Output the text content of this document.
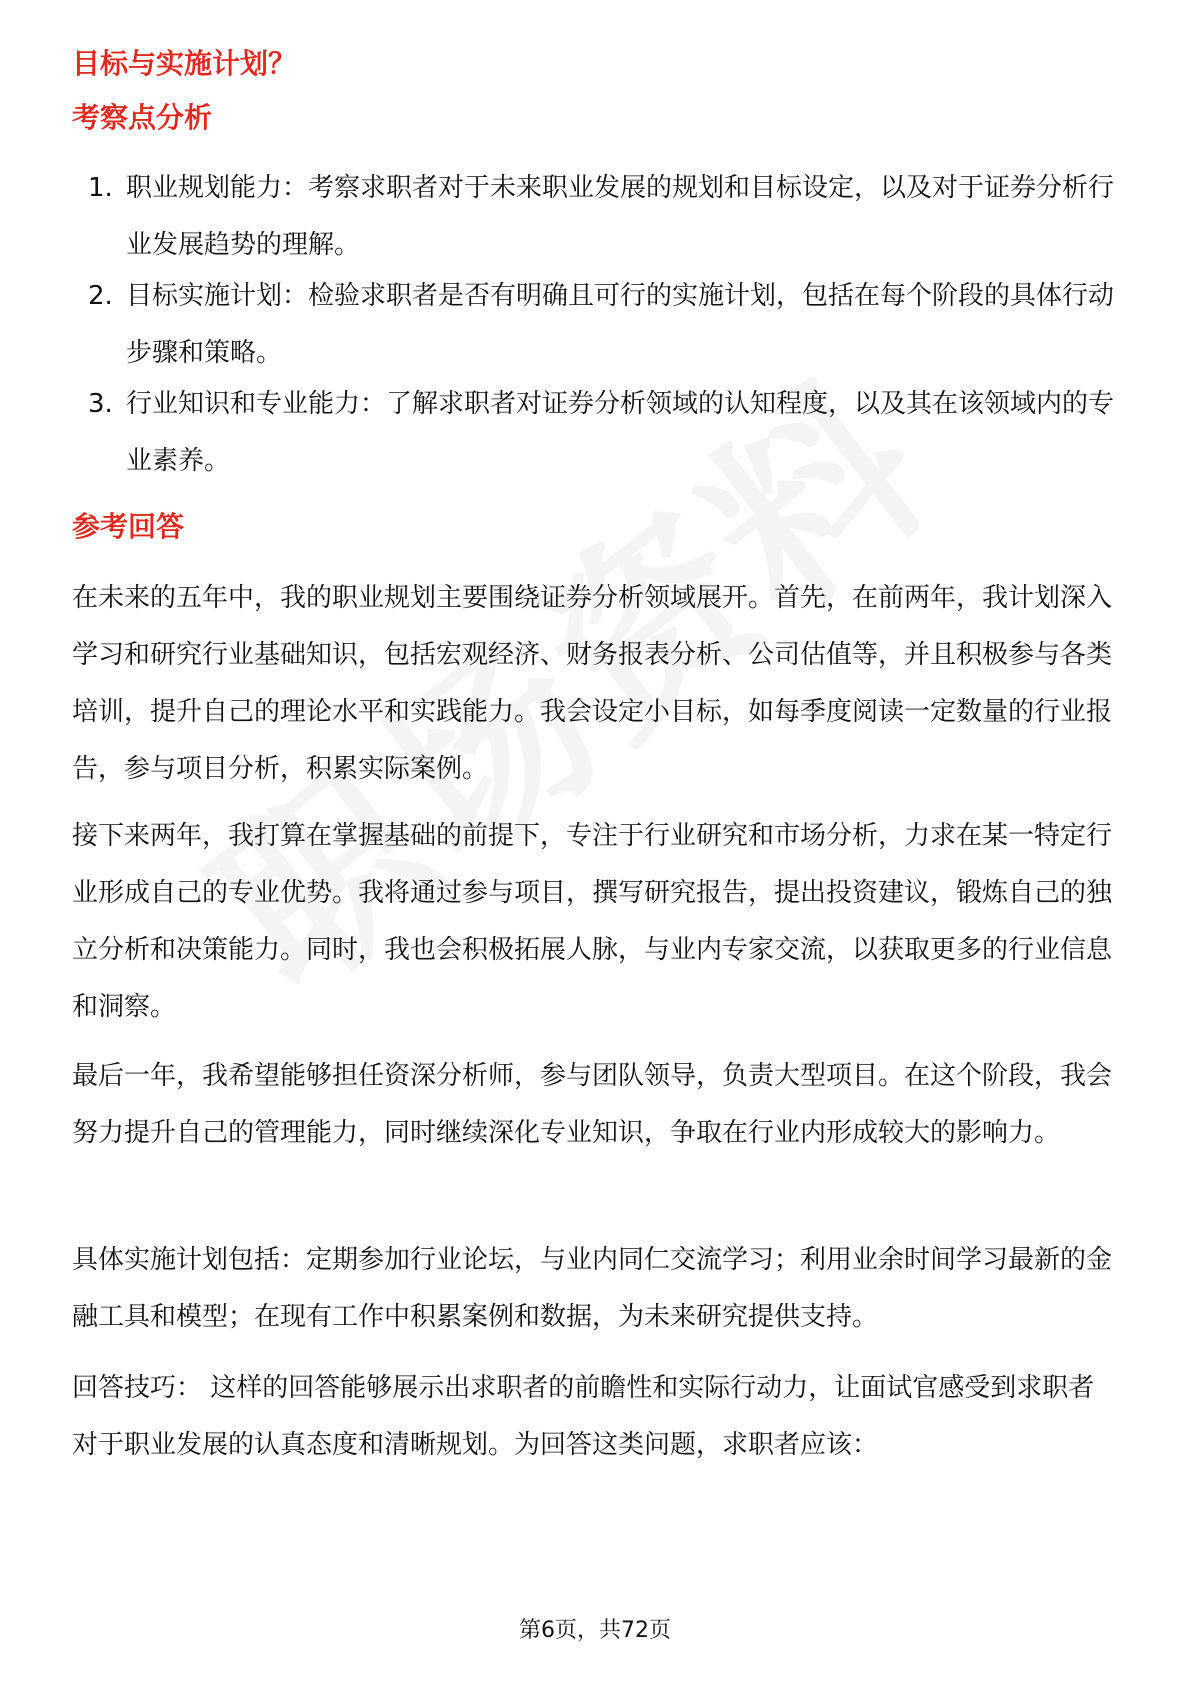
目标与实施计划？
考察点分析
1. 职业规划能力：考察求职者对于未来职业发展的规划和目标设定，以及对于证券分析行业发展趋势的理解。
2. 目标实施计划：检验求职者是否有明确且可行的实施计划，包括在每个阶段的具体行动步骤和策略。
3. 行业知识和专业能力：了解求职者对证券分析领域的认知程度，以及其在该领域内的专业素养。
参考回答

在未来的五年中，我的职业规划主要围绕证券分析领域展开。首先，在前两年，我计划深入学习和研究行业基础知识，包括宏观经济、财务报表分析、公司估值等，并且积极参与各类培训，提升自己的理论水平和实践能力。我会设定小目标，如每季度阅读一定数量的行业报告，参与项目分析，积累实际案例。

接下来两年，我打算在掌握基础的前提下，专注于行业研究和市场分析，力求在某一特定行业形成自己的专业优势。我将通过参与项目，撰写研究报告，提出投资建议，锻炼自己的独立分析和决策能力。同时，我也会积极拓展人脉，与业内专家交流，以获取更多的行业信息和洞察。

最后一年，我希望能够担任资深分析师，参与团队领导，负责大型项目。在这个阶段，我会努力提升自己的管理能力，同时继续深化专业知识，争取在行业内形成较大的影响力。

具体实施计划包括：定期参加行业论坛，与业内同仁交流学习；利用业余时间学习最新的金融工具和模型；在现有工作中积累案例和数据，为未来研究提供支持。

回答技巧： 这样的回答能够展示出求职者的前瞻性和实际行动力，让面试官感受到求职者对于职业发展的认真态度和清晰规划。为回答这类问题，求职者应该：

第6页，共72页
